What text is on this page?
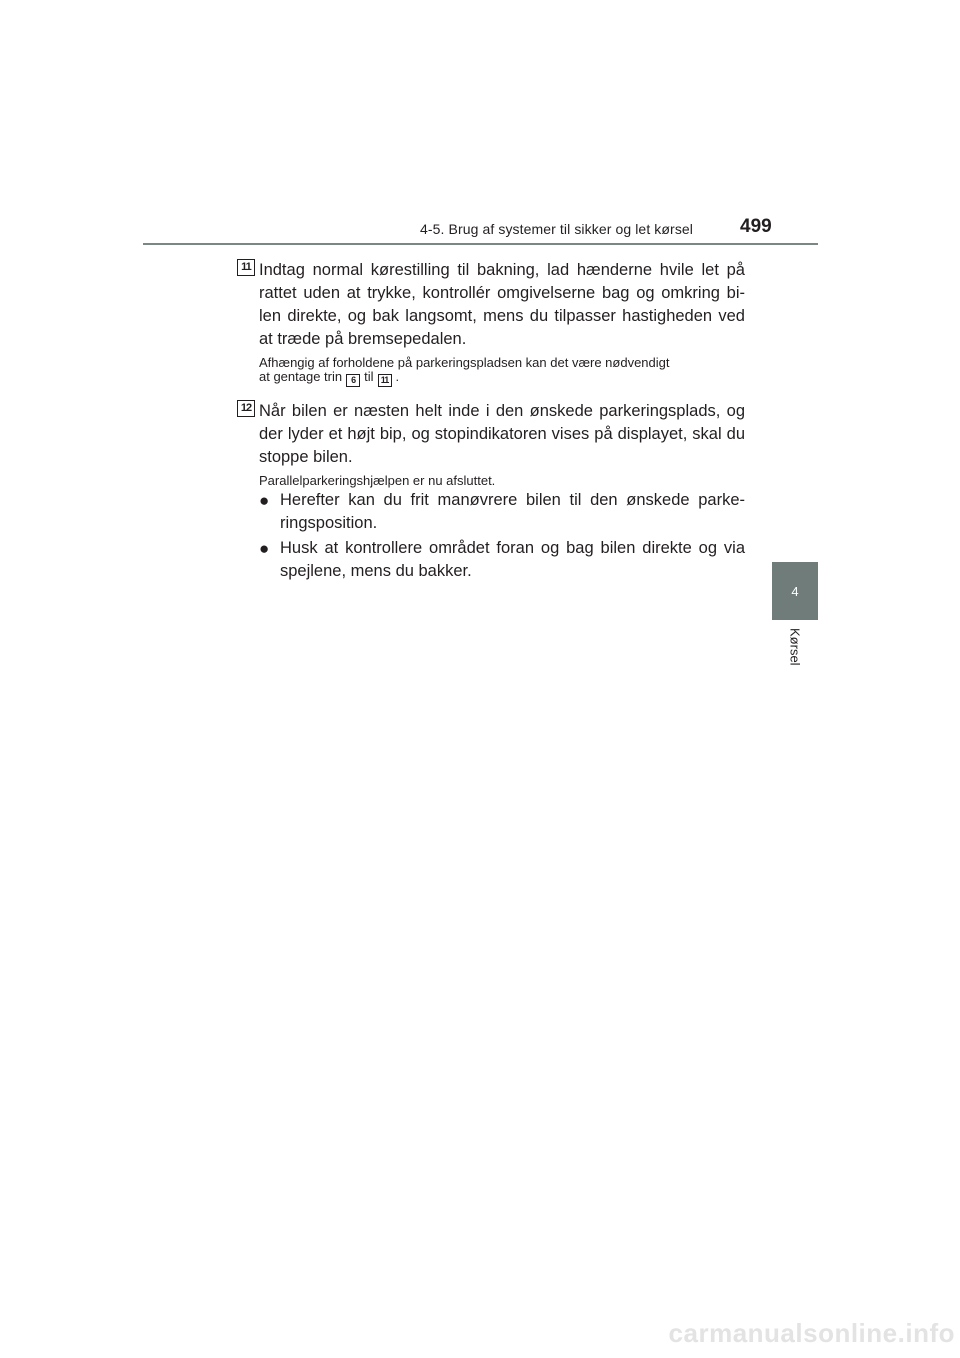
4-5. Brug af systemer til sikker og let kørsel 499
4
Kørsel
11 Indtag normal kørestilling til bakning, lad hænderne hvile let på rattet uden at trykke, kontrollér omgivelserne bag og omkring bi-len direkte, og bak langsomt, mens du tilpasser hastigheden ved at træde på bremsepedalen.
Afhængig af forholdene på parkeringspladsen kan det være nødvendigt
at gentage trin 6 til 11 .
12 Når bilen er næsten helt inde i den ønskede parkeringsplads, og der lyder et højt bip, og stopindikatoren vises på displayet, skal du stoppe bilen.
Parallelparkeringshjælpen er nu afsluttet.
● Herefter kan du frit manøvrere bilen til den ønskede parke-ringsposition.
● Husk at kontrollere området foran og bag bilen direkte og via spejlene, mens du bakker.
carmanualsonline.info
